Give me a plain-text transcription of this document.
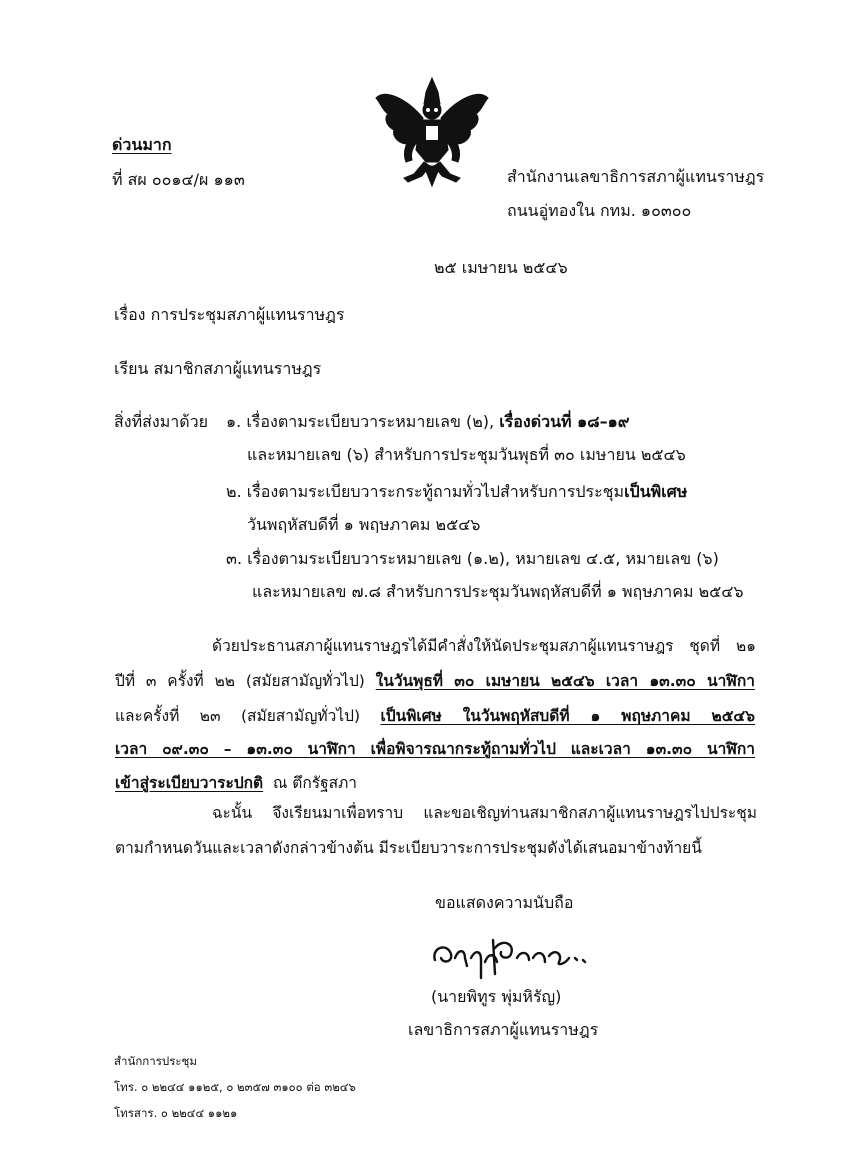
ด่วนมาก
ที่ สผ ๐๐๑๔/ผ ๑๑๓	สำนักงานเลขาธิการสภาผู้แทนราษฎร
ถนนอู่ทองใน กทม. ๑๐๓๐๐
๒๕ เมษายน ๒๕๔๖
เรื่อง การประชุมสภาผู้แทนราษฎร
เรียน สมาชิกสภาผู้แทนราษฎร
สิ่งที่ส่งมาด้วย ๑. เรื่องตามระเบียบวาระหมายเลข (๒), เรื่องด่วนที่ ๑๘–๑๙
และหมายเลข (๖) สำหรับการประชุมวันพุธที่ ๓๐ เมษายน ๒๕๔๖
๒. เรื่องตามระเบียบวาระกระทู้ถามทั่วไปสำหรับการประชุมเป็นพิเศษ
วันพฤหัสบดีที่ ๑ พฤษภาคม ๒๕๔๖
๓. เรื่องตามระเบียบวาระหมายเลข (๑.๒), หมายเลข ๔.๕, หมายเลข (๖)
และหมายเลข ๗.๘ สำหรับการประชุมวันพฤหัสบดีที่ ๑ พฤษภาคม ๒๕๔๖
ด้วยประธานสภาผู้แทนราษฎรได้มีคำสั่งให้นัดประชุมสภาผู้แทนราษฎร ชุดที่ ๒๑
ปีที่ ๓ ครั้งที่ ๒๒ (สมัยสามัญทั่วไป) ในวันพุธที่ ๓๐ เมษายน ๒๕๔๖ เวลา ๑๓.๓๐ นาฬิกา
และครั้งที่ ๒๓ (สมัยสามัญทั่วไป) เป็นพิเศษ ในวันพฤหัสบดีที่ ๑ พฤษภาคม ๒๕๔๖
เวลา ๐๙.๓๐ – ๑๓.๓๐ นาฬิกา เพื่อพิจารณากระทู้ถามทั่วไป และเวลา ๑๓.๓๐ นาฬิกา
เข้าสู่ระเบียบวาระปกติ ณ ตึกรัฐสภา
ฉะนั้น จึงเรียนมาเพื่อทราบ และขอเชิญท่านสมาชิกสภาผู้แทนราษฎรไปประชุม
ตามกำหนดวันและเวลาดังกล่าวข้างต้น มีระเบียบวาระการประชุมดังได้เสนอมาข้างท้ายนี้
ขอแสดงความนับถือ
(นายพิทูร พุ่มหิรัญ)
เลขาธิการสภาผู้แทนราษฎร
สำนักการประชุม
โทร. ๐ ๒๒๔๔ ๑๑๒๕, ๐ ๒๓๕๗ ๓๑๐๐ ต่อ ๓๒๔๖
โทรสาร. ๐ ๒๒๔๔ ๑๑๒๑
